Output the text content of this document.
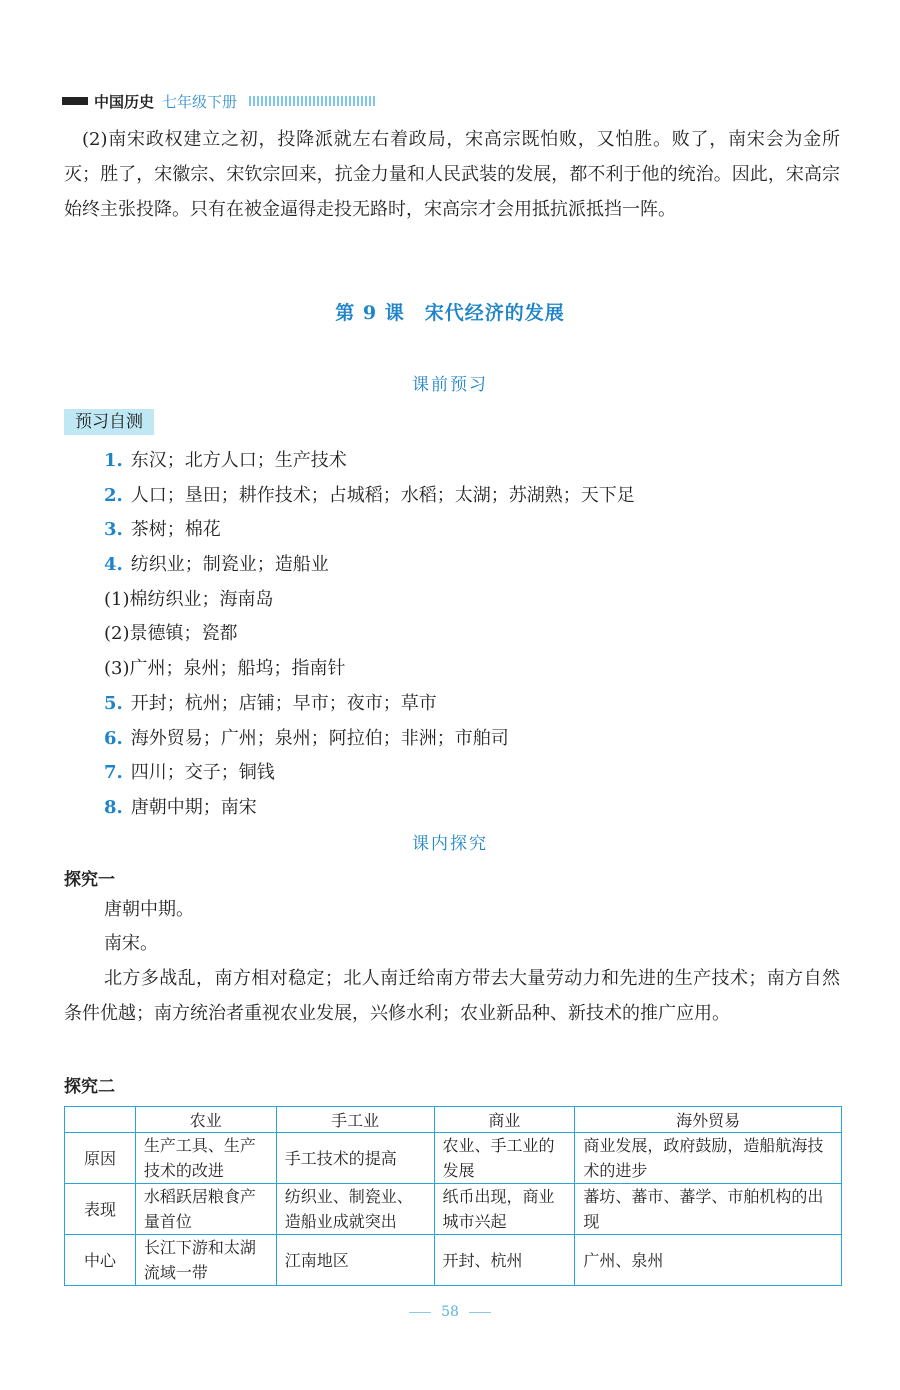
中国历史 七年级下册

(2)南宋政权建立之初，投降派就左右着政局，宋高宗既怕败，又怕胜。败了，南宋会为金所灭；胜了，宋徽宗、宋钦宗回来，抗金力量和人民武装的发展，都不利于他的统治。因此，宋高宗始终主张投降。只有在被金逼得走投无路时，宋高宗才会用抵抗派抵挡一阵。

第 9 课　宋代经济的发展
课前预习
预习自测
1. 东汉；北方人口；生产技术
2. 人口；垦田；耕作技术；占城稻；水稻；太湖；苏湖熟；天下足
3. 茶树；棉花
4. 纺织业；制瓷业；造船业
(1)棉纺织业；海南岛
(2)景德镇；瓷都
(3)广州；泉州；船坞；指南针
5. 开封；杭州；店铺；早市；夜市；草市
6. 海外贸易；广州；泉州；阿拉伯；非洲；市舶司
7. 四川；交子；铜钱
8. 唐朝中期；南宋
课内探究
探究一

唐朝中期。

南宋。

北方多战乱，南方相对稳定；北人南迁给南方带去大量劳动力和先进的生产技术；南方自然条件优越；南方统治者重视农业发展，兴修水利；农业新品种、新技术的推广应用。

探究二
	农业	手工业	商业	海外贸易
原因	生产工具、生产技术的改进	手工技术的提高	农业、手工业的发展	商业发展，政府鼓励，造船航海技术的进步
表现	水稻跃居粮食产量首位	纺织业、制瓷业、造船业成就突出	纸币出现，商业城市兴起	蕃坊、蕃市、蕃学、市舶机构的出现
中心	长江下游和太湖流域一带	江南地区	开封、杭州	广州、泉州
58
